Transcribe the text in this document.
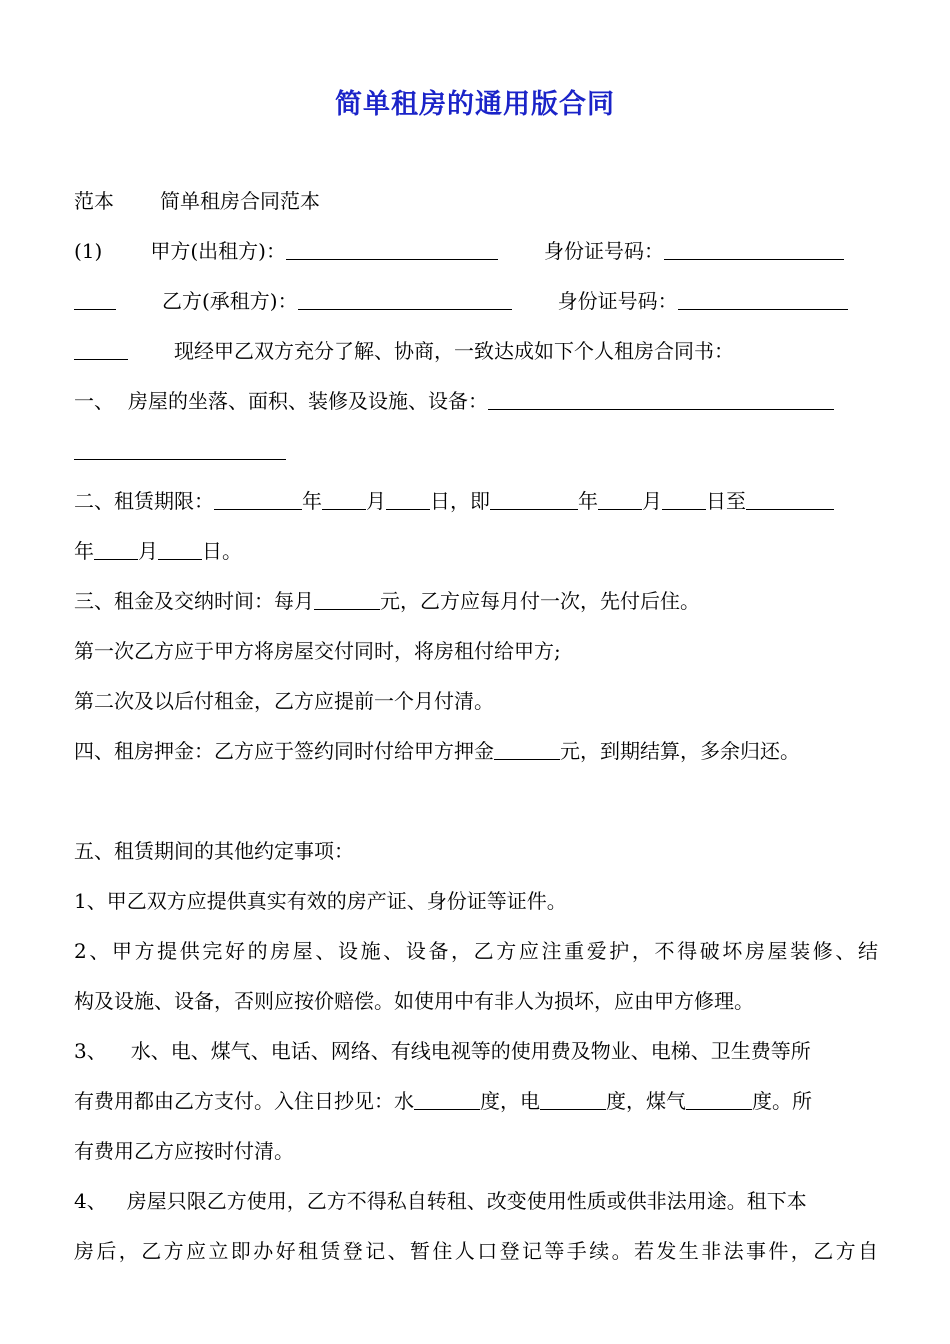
简单租房的通用版合同
范本 简单租房合同范本
(1) 甲方(出租方)：	身份证号码：
乙方(承租方)：	身份证号码：
现经甲乙双方充分了解、协商，一致达成如下个人租房合同书：
一、 房屋的坐落、面积、装修及设施、设备：
二、租赁期限：	年 月 日，即	年 月 日至
年 月 日。
三、租金及交纳时间：每月	元，乙方应每月付一次，先付后住。
第一次乙方应于甲方将房屋交付同时，将房租付给甲方;
第二次及以后付租金，乙方应提前一个月付清。
四、租房押金：乙方应于签约同时付给甲方押金	元，到期结算，多余归还。
五、租赁期间的其他约定事项：
1、甲乙双方应提供真实有效的房产证、身份证等证件。
2、甲方提供完好的房屋、设施、设备，乙方应注重爱护，不得破坏房屋装修、结
构及设施、设备，否则应按价赔偿。如使用中有非人为损坏，应由甲方修理。
3、 水、电、煤气、电话、网络、有线电视等的使用费及物业、电梯、卫生费等所
有费用都由乙方支付。入住日抄见：水	度，电	度，煤气	度。所
有费用乙方应按时付清。
4、 房屋只限乙方使用，乙方不得私自转租、改变使用性质或供非法用途。租下本
房后，乙方应立即办好租赁登记、暂住人口登记等手续。若发生非法事件，乙方自
